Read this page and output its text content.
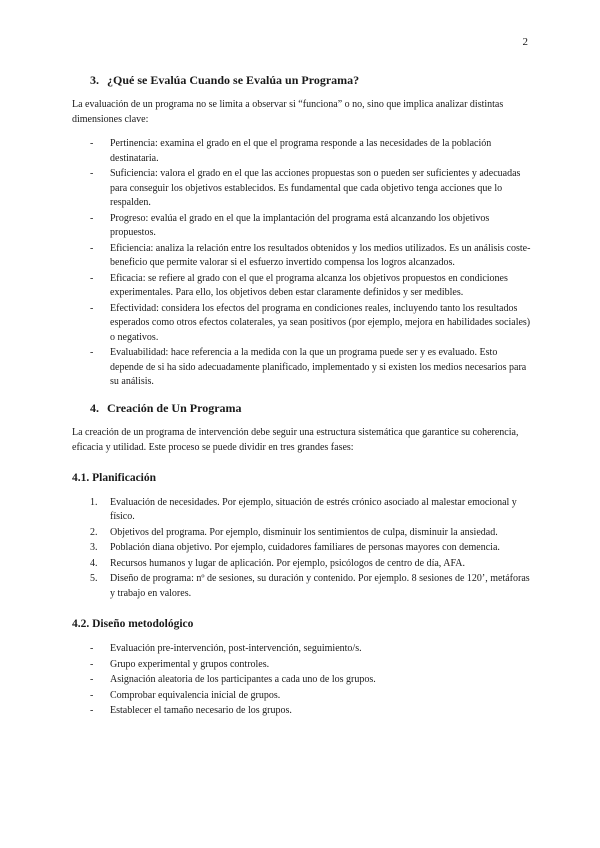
2
3. ¿Qué se Evalúa Cuando se Evalúa un Programa?

La evaluación de un programa no se limita a observar si “funciona” o no, sino que implica analizar distintas dimensiones clave:

- Pertinencia: examina el grado en el que el programa responde a las necesidades de la población destinataria.
- Suficiencia: valora el grado en el que las acciones propuestas son o pueden ser suficientes y adecuadas para conseguir los objetivos establecidos. Es fundamental que cada objetivo tenga acciones que lo respalden.
- Progreso: evalúa el grado en el que la implantación del programa está alcanzando los objetivos propuestos.
- Eficiencia: analiza la relación entre los resultados obtenidos y los medios utilizados. Es un análisis coste-beneficio que permite valorar si el esfuerzo invertido compensa los logros alcanzados.
- Eficacia: se refiere al grado con el que el programa alcanza los objetivos propuestos en condiciones experimentales. Para ello, los objetivos deben estar claramente definidos y ser medibles.
- Efectividad: considera los efectos del programa en condiciones reales, incluyendo tanto los resultados esperados como otros efectos colaterales, ya sean positivos (por ejemplo, mejora en habilidades sociales) o negativos.
- Evaluabilidad: hace referencia a la medida con la que un programa puede ser y es evaluado. Esto depende de si ha sido adecuadamente planificado, implementado y si existen los medios necesarios para su análisis.
4. Creación de Un Programa

La creación de un programa de intervención debe seguir una estructura sistemática que garantice su coherencia, eficacia y utilidad. Este proceso se puede dividir en tres grandes fases:

4.1. Planificación
1. Evaluación de necesidades. Por ejemplo, situación de estrés crónico asociado al malestar emocional y físico.
2. Objetivos del programa. Por ejemplo, disminuir los sentimientos de culpa, disminuir la ansiedad.
3. Población diana objetivo. Por ejemplo, cuidadores familiares de personas mayores con demencia.
4. Recursos humanos y lugar de aplicación. Por ejemplo, psicólogos de centro de día, AFA.
5. Diseño de programa: nº de sesiones, su duración y contenido. Por ejemplo. 8 sesiones de 120’, metáforas y trabajo en valores.
4.2. Diseño metodológico
- Evaluación pre-intervención, post-intervención, seguimiento/s.
- Grupo experimental y grupos controles.
- Asignación aleatoria de los participantes a cada uno de los grupos.
- Comprobar equivalencia inicial de grupos.
- Establecer el tamaño necesario de los grupos.
